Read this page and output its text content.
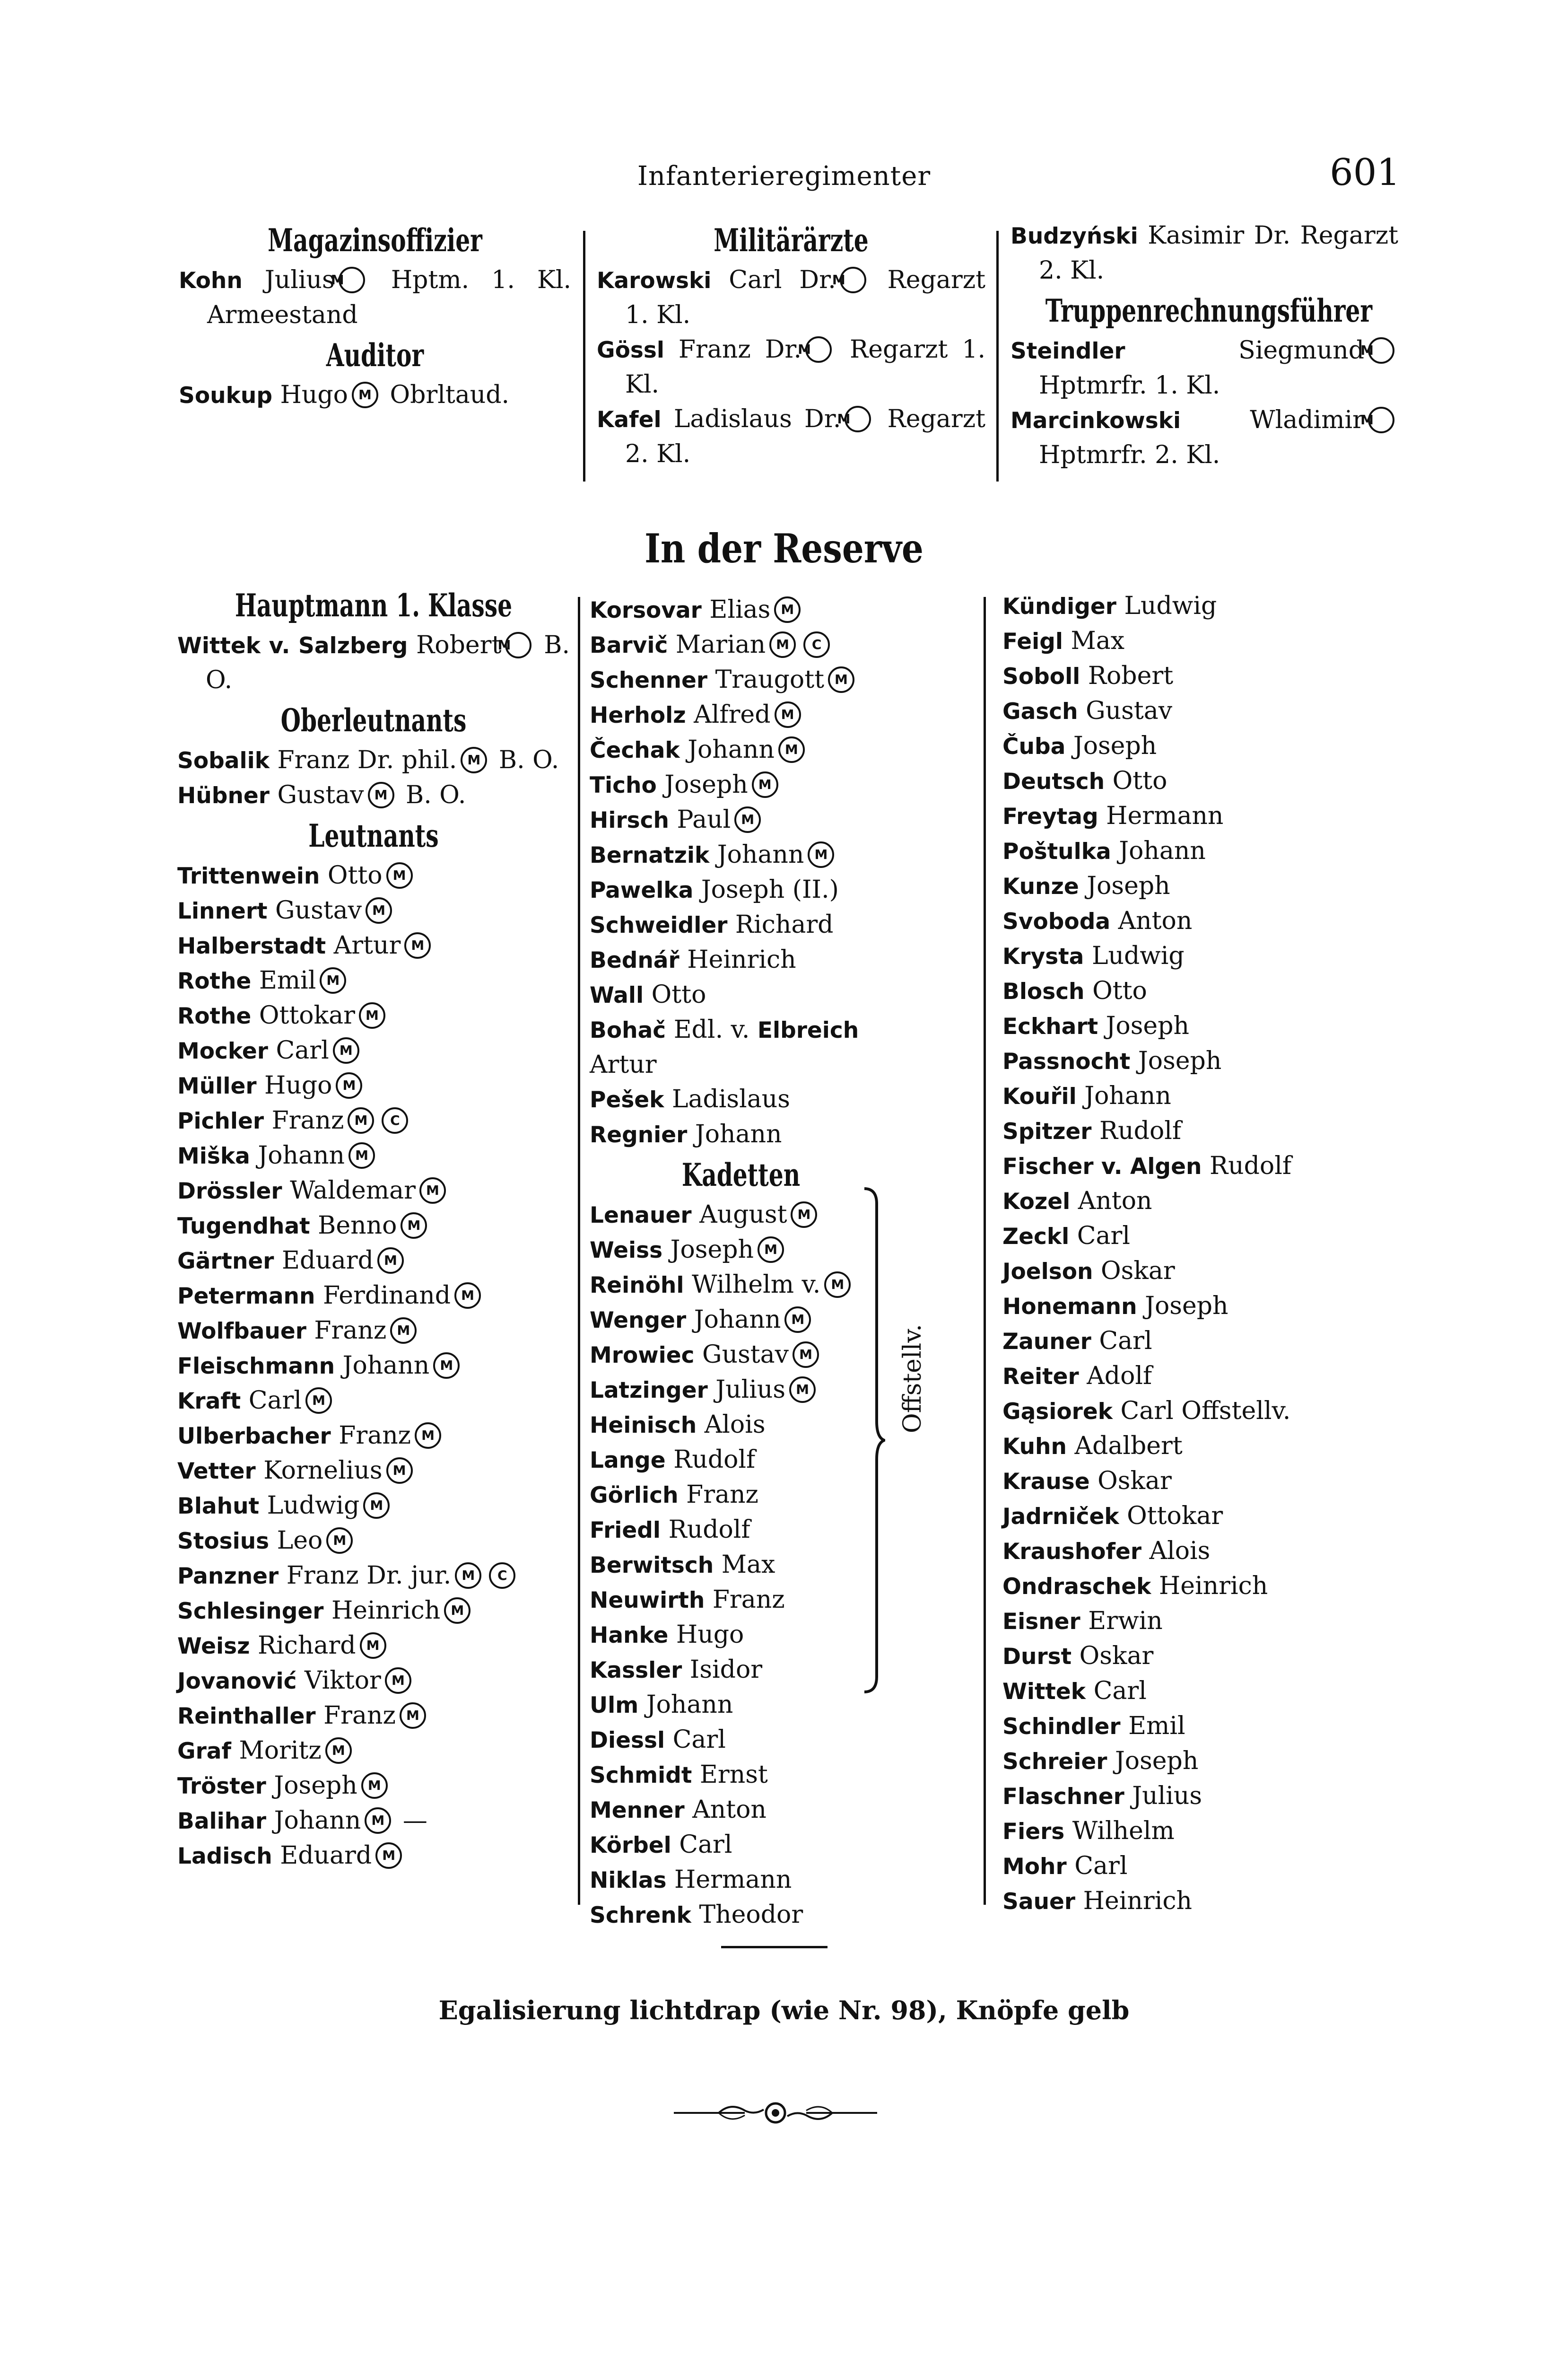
Infanterieregimenter	601
Magazinsoffizier
Kohn Julius M Hptm. 1. Kl. Armeestand
Auditor
Soukup Hugo M Obrltaud.
Militärärzte
Karowski Carl Dr.M Regarzt 1. Kl.
Gössl Franz Dr. M Regarzt 1. Kl.
Kafel Ladislaus Dr.M Regarzt 2. Kl.
Budzyński Kasimir Dr. Regarzt 2. Kl.
Truppenrechnungsführer
Steindler	SiegmundM Hptmrfr. 1. Kl.
Marcinkowski	WladimirM Hptmrfr. 2. Kl.
In der Reserve
Hauptmann 1. Klasse
Wittek v. Salzberg RobertM B. O.
Oberleutnants
Sobalik Franz Dr. phil. M B. O.
Hübner Gustav M B. O.
Leutnants
Trittenwein OttoM
Linnert GustavM
Halberstadt ArturM
Rothe EmilM
Rothe OttokarM
Mocker CarlM
Müller HugoM
Pichler FranzMC
Miška JohannM
Drössler WaldemarM
Tugendhat BennoM
Gärtner EduardM
Petermann FerdinandM
Wolfbauer FranzM
Fleischmann JohannM
Kraft CarlM
Ulberbacher FranzM
Vetter KorneliusM
Blahut LudwigM
Stosius LeoM
Panzner Franz Dr. jur.MC
Schlesinger HeinrichM
Weisz RichardM
Jovanović ViktorM
Reinthaller FranzM
Graf MoritzM
Tröster JosephM
Balihar Johann M —
Ladisch EduardM
Korsovar EliasM
Barvič MarianMC
Schenner TraugottM
Herholz AlfredM
Čechak JohannM
Ticho JosephM
Hirsch PaulM
Bernatzik JohannM
Pawelka Joseph (II.)
Schweidler Richard
Bednář Heinrich
Wall Otto
Bohač Edl. v. Elbreich Artur
Pešek Ladislaus
Regnier Johann
Kadetten
Lenauer AugustM
Weiss JosephM
Reinöhl Wilhelm v.M
Wenger JohannM
Mrowiec GustavM
Latzinger JuliusM
Heinisch Alois
Lange Rudolf
Görlich Franz
Friedl Rudolf
Berwitsch Max
Neuwirth Franz
Hanke Hugo
Kassler Isidor
Ulm Johann
Diessl Carl
Schmidt Ernst
Menner Anton
Körbel Carl
Niklas Hermann
Schrenk Theodor
Kündiger Ludwig
Feigl Max
Soboll Robert
Gasch Gustav
Čuba Joseph
Deutsch Otto
Freytag Hermann
Poštulka Johann
Kunze Joseph
Svoboda Anton
Krysta Ludwig
Blosch Otto
Eckhart Joseph
Passnocht Joseph
Kouřil Johann
Spitzer Rudolf
Fischer v. Algen Rudolf
Kozel Anton
Zeckl Carl
Joelson Oskar
Honemann Joseph
Zauner Carl
Reiter Adolf
Gąsiorek Carl Offstellv.
Kuhn Adalbert
Krause Oskar
Jadrniček Ottokar
Kraushofer Alois
Ondraschek Heinrich
Eisner Erwin
Durst Oskar
Wittek Carl
Schindler Emil
Schreier Joseph
Flaschner Julius
Fiers Wilhelm
Mohr Carl
Sauer Heinrich
Offstellv.
Egalisierung lichtdrap (wie Nr. 98), Knöpfe gelb
